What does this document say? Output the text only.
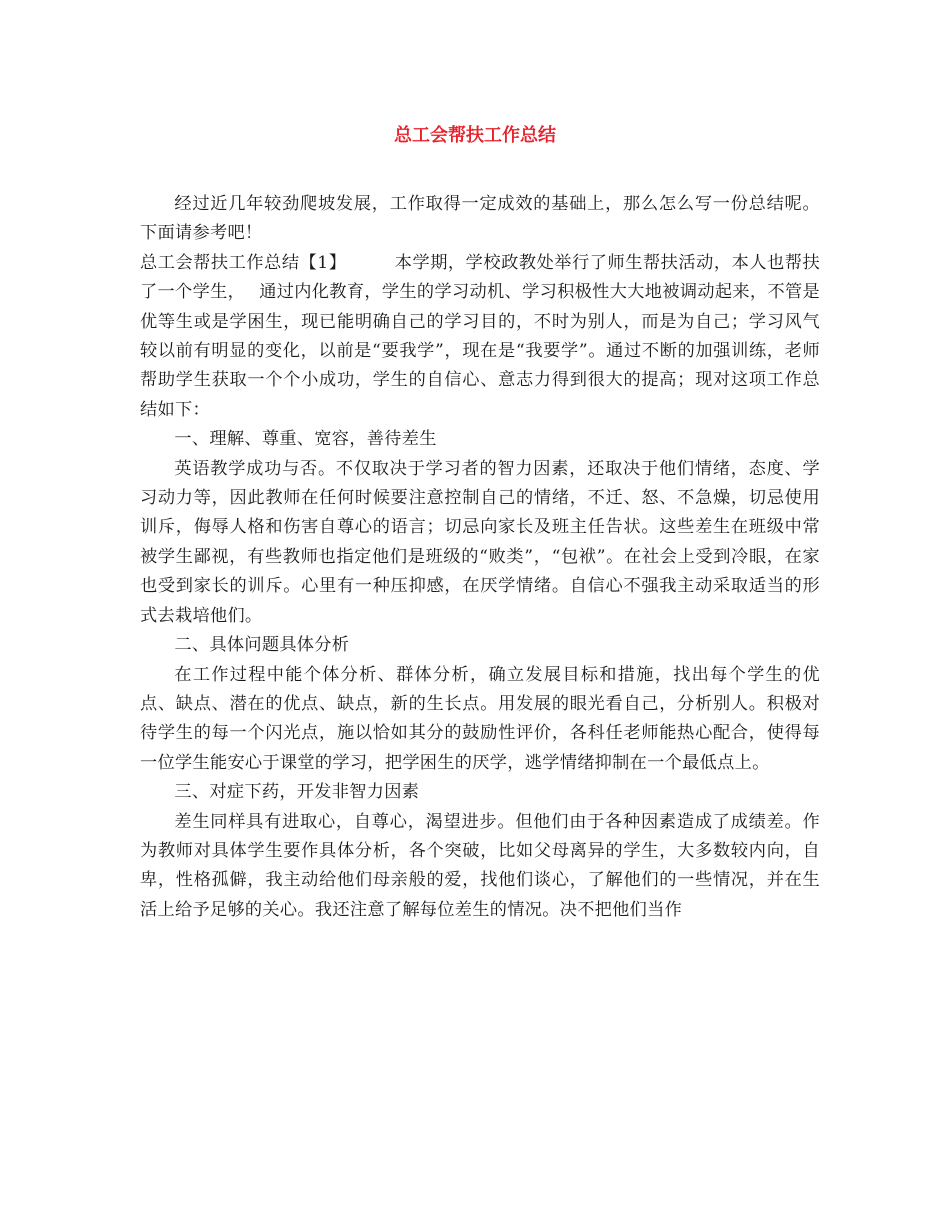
总工会帮扶工作总结

经过近几年较劲爬坡发展，工作取得一定成效的基础上，那么怎么写一份总结呢。下面请参考吧！

总工会帮扶工作总结【1】	本学期，学校政教处举行了师生帮扶活动，本人也帮扶了一个学生， 通过内化教育，学生的学习动机、学习积极性大大地被调动起来，不管是优等生或是学困生，现已能明确自己的学习目的，不时为别人，而是为自己；学习风气较以前有明显的变化，以前是“要我学”，现在是“我要学”。通过不断的加强训练，老师帮助学生获取一个个小成功，学生的自信心、意志力得到很大的提高；现对这项工作总结如下：

一、理解、尊重、宽容，善待差生

英语教学成功与否。不仅取决于学习者的智力因素，还取决于他们情绪，态度、学习动力等，因此教师在任何时候要注意控制自己的情绪，不迁、怒、不急燥，切忌使用训斥，侮辱人格和伤害自尊心的语言；切忌向家长及班主任告状。这些差生在班级中常被学生鄙视，有些教师也指定他们是班级的“败类”，“包袱”。在社会上受到冷眼，在家也受到家长的训斥。心里有一种压抑感，在厌学情绪。自信心不强我主动采取适当的形式去栽培他们。

二、具体问题具体分析

在工作过程中能个体分析、群体分析，确立发展目标和措施，找出每个学生的优点、缺点、潜在的优点、缺点，新的生长点。用发展的眼光看自己，分析别人。积极对待学生的每一个闪光点，施以恰如其分的鼓励性评价，各科任老师能热心配合，使得每一位学生能安心于课堂的学习，把学困生的厌学，逃学情绪抑制在一个最低点上。

三、对症下药，开发非智力因素

差生同样具有进取心，自尊心，渴望进步。但他们由于各种因素造成了成绩差。作为教师对具体学生要作具体分析，各个突破，比如父母离异的学生，大多数较内向，自卑，性格孤僻，我主动给他们母亲般的爱，找他们谈心，了解他们的一些情况，并在生活上给予足够的关心。我还注意了解每位差生的情况。决不把他们当作
